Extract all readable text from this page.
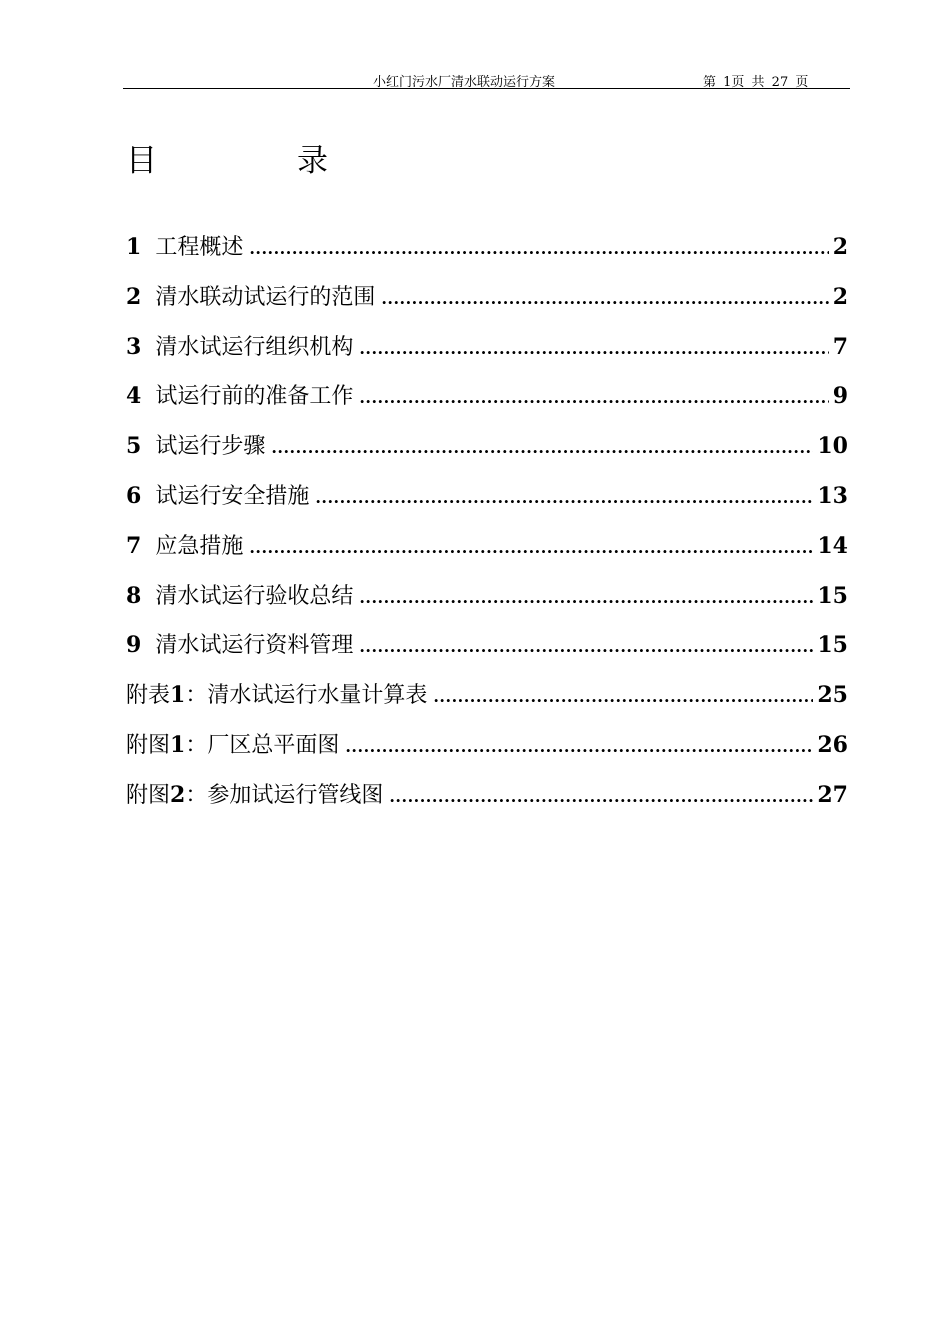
小红门污水厂清水联动运行方案	第 1页 共 27 页
目录
1 工程概述 .....	2
2 清水联动试运行的范围 .....	2
3 清水试运行组织机构 .....	7
4 试运行前的准备工作 .....	9
5 试运行步骤 .....	10
6 试运行安全措施 .....	13
7 应急措施 .....	14
8 清水试运行验收总结 .....	15
9 清水试运行资料管理 .....	15
附表 1 ： 清水试运行水量计算表 .....	25
附图 1 ： 厂区总平面图 .....	26
附图 2 ： 参加试运行管线图 .....	27
